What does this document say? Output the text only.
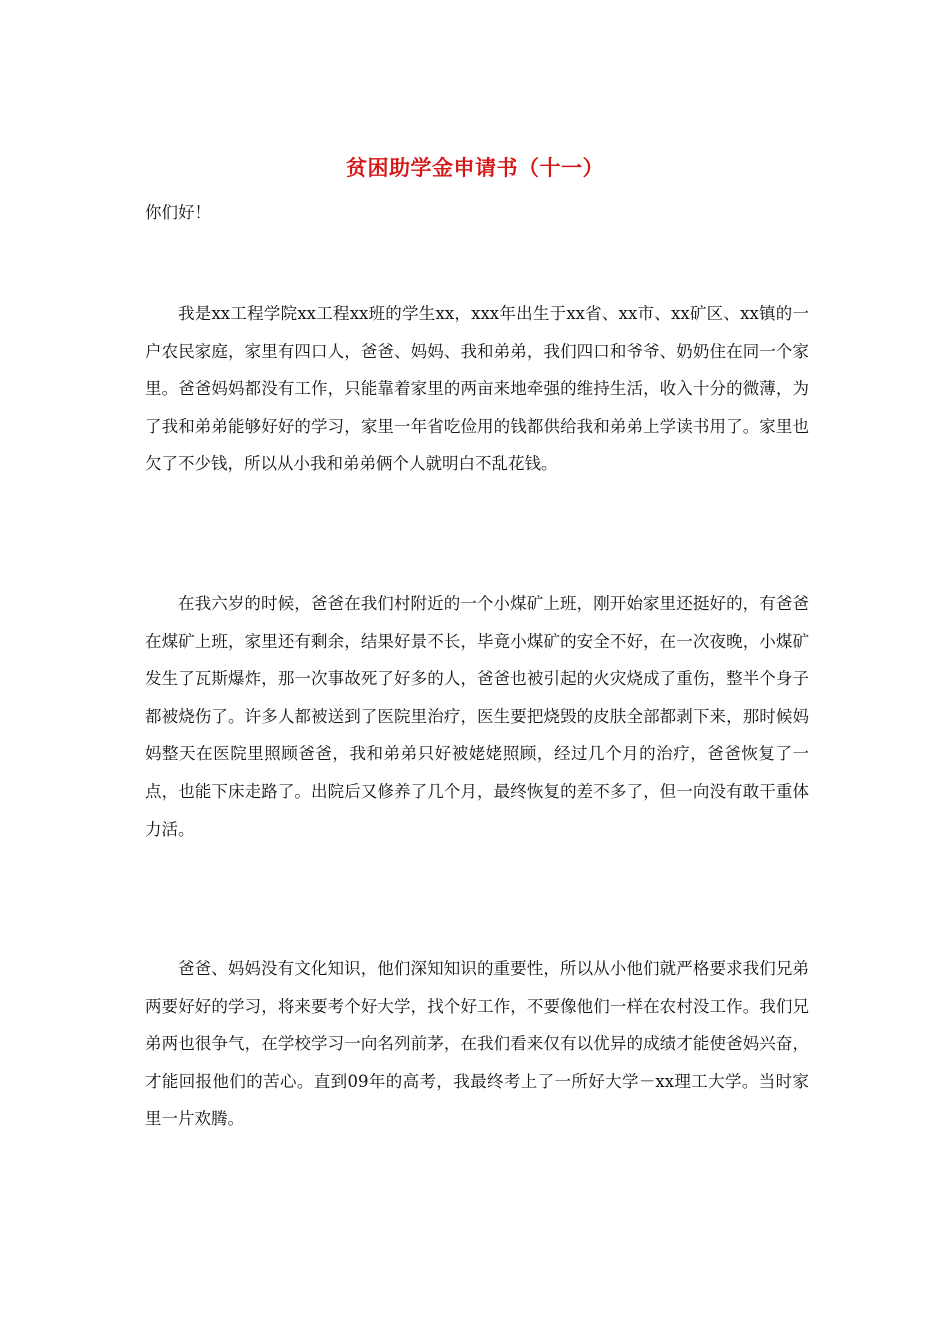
贫困助学金申请书（十一）
你们好！

我是xx工程学院xx工程xx班的学生xx，xxx年出生于xx省、xx市、xx矿区、xx镇的一户农民家庭，家里有四口人，爸爸、妈妈、我和弟弟，我们四口和爷爷、奶奶住在同一个家里。爸爸妈妈都没有工作，只能靠着家里的两亩来地牵强的维持生活，收入十分的微薄，为了我和弟弟能够好好的学习，家里一年省吃俭用的钱都供给我和弟弟上学读书用了。家里也欠了不少钱，所以从小我和弟弟俩个人就明白不乱花钱。

在我六岁的时候，爸爸在我们村附近的一个小煤矿上班，刚开始家里还挺好的，有爸爸在煤矿上班，家里还有剩余，结果好景不长，毕竟小煤矿的安全不好，在一次夜晚，小煤矿发生了瓦斯爆炸，那一次事故死了好多的人，爸爸也被引起的火灾烧成了重伤，整半个身子都被烧伤了。许多人都被送到了医院里治疗，医生要把烧毁的皮肤全部都剥下来，那时候妈妈整天在医院里照顾爸爸，我和弟弟只好被姥姥照顾，经过几个月的治疗，爸爸恢复了一点，也能下床走路了。出院后又修养了几个月，最终恢复的差不多了，但一向没有敢干重体力活。

爸爸、妈妈没有文化知识，他们深知知识的重要性，所以从小他们就严格要求我们兄弟两要好好的学习，将来要考个好大学，找个好工作，不要像他们一样在农村没工作。我们兄弟两也很争气，在学校学习一向名列前茅，在我们看来仅有以优异的成绩才能使爸妈兴奋，才能回报他们的苦心。直到09年的高考，我最终考上了一所好大学－xx理工大学。当时家里一片欢腾。
